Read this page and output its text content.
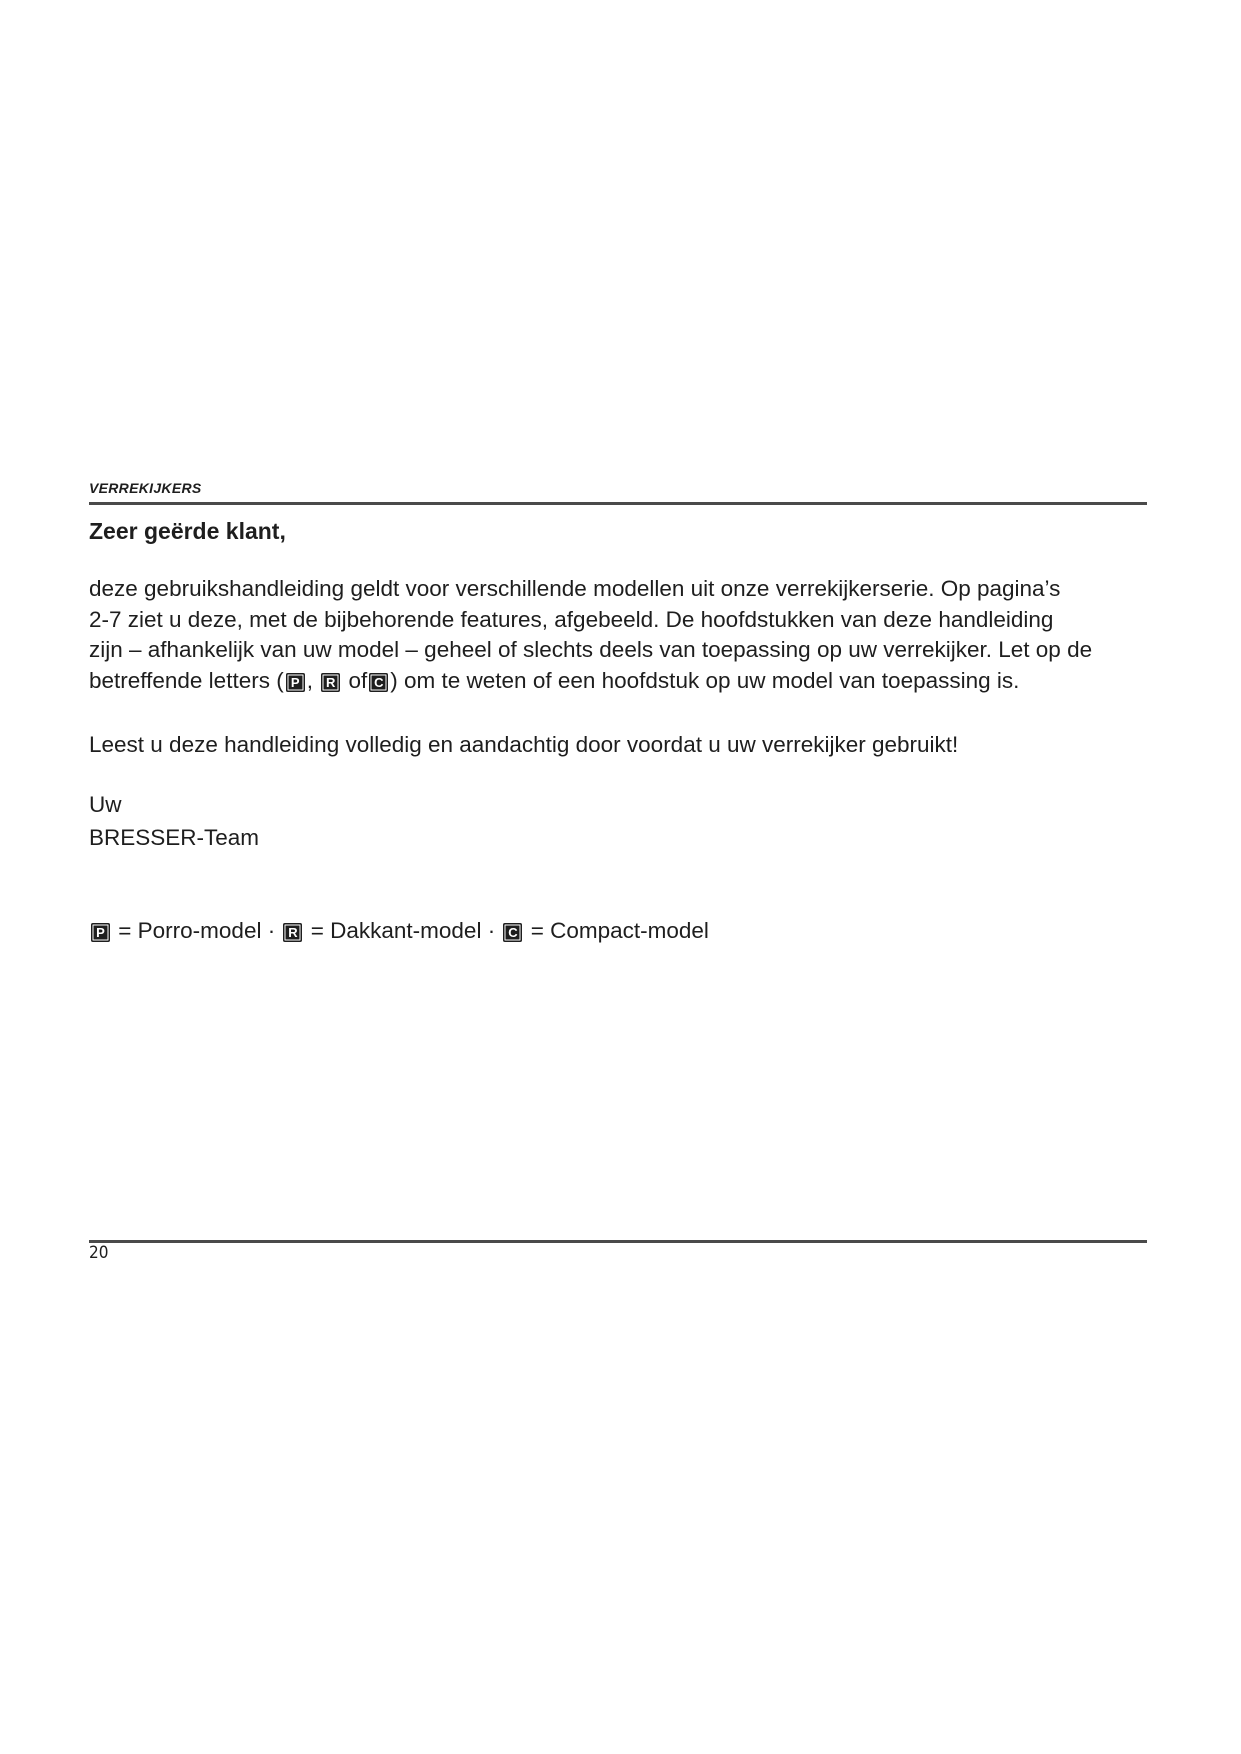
VERREKIJKERS
Zeer geërde klant,
deze gebruikshandleiding geldt voor verschillende modellen uit onze verrekijkerserie. Op pagina’s
2-7 ziet u deze, met de bijbehorende features, afgebeeld. De hoofdstukken van deze handleiding
zijn – afhankelijk van uw model – geheel of slechts deels van toepassing op uw verrekijker. Let op de
betreffende letters ( P , R of C ) om te weten of een hoofdstuk op uw model van toepassing is.
Leest u deze handleiding volledig en aandachtig door voordat u uw verrekijker gebruikt!
Uw
BRESSER-Team
P = Porro-model · R = Dakkant-model · C = Compact-model
20
